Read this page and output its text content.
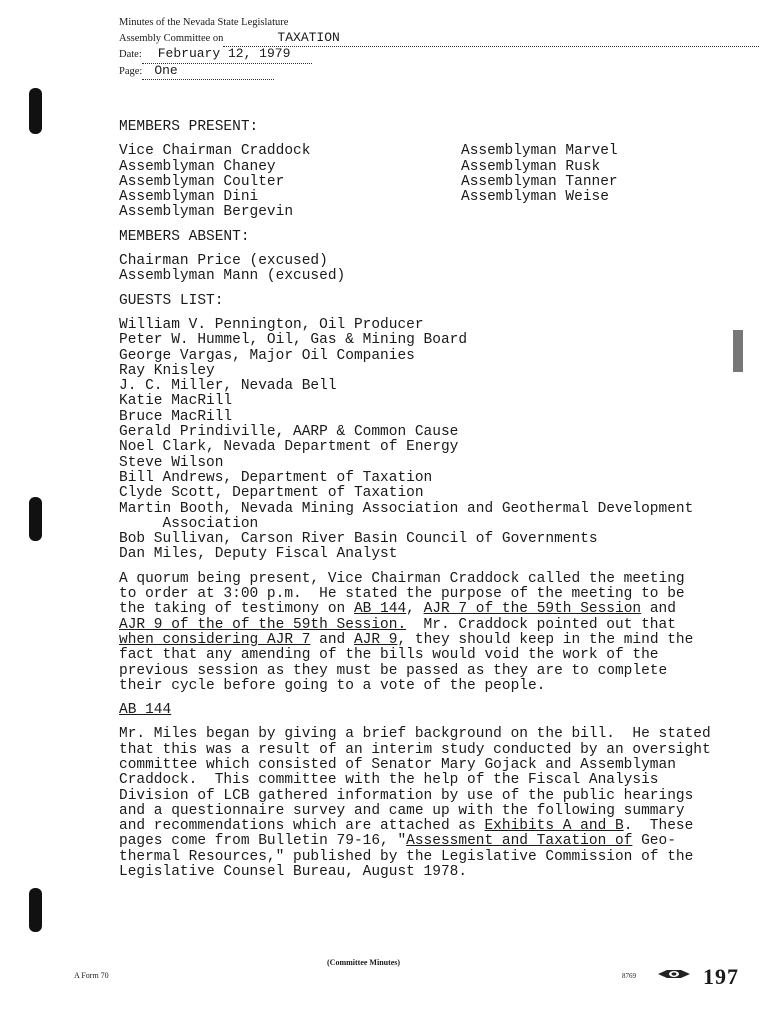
Minutes of the Nevada State Legislature
Assembly Committee on	TAXATION
Date: February 12, 1979
Page: One
MEMBERS PRESENT:
Vice Chairman Craddock
Assemblyman Chaney
Assemblyman Coulter
Assemblyman Dini
Assemblyman Bergevin
Assemblyman Marvel
Assemblyman Rusk
Assemblyman Tanner
Assemblyman Weise
MEMBERS ABSENT:
Chairman Price (excused)
Assemblyman Mann (excused)
GUESTS LIST:
William V. Pennington, Oil Producer
Peter W. Hummel, Oil, Gas & Mining Board
George Vargas, Major Oil Companies
Ray Knisley
J. C. Miller, Nevada Bell
Katie MacRill
Bruce MacRill
Gerald Prindiville, AARP & Common Cause
Noel Clark, Nevada Department of Energy
Steve Wilson
Bill Andrews, Department of Taxation
Clyde Scott, Department of Taxation
Martin Booth, Nevada Mining Association and Geothermal Development
Association
Bob Sullivan, Carson River Basin Council of Governments
Dan Miles, Deputy Fiscal Analyst
A quorum being present, Vice Chairman Craddock called the meeting
to order at 3:00 p.m.  He stated the purpose of the meeting to be
the taking of testimony on AB 144, AJR 7 of the 59th Session and
AJR 9 of the of the 59th Session.  Mr. Craddock pointed out that
when considering AJR 7 and AJR 9, they should keep in the mind the
fact that any amending of the bills would void the work of the
previous session as they must be passed as they are to complete
their cycle before going to a vote of the people.
AB 144
Mr. Miles began by giving a brief background on the bill.  He stated
that this was a result of an interim study conducted by an oversight
committee which consisted of Senator Mary Gojack and Assemblyman
Craddock.  This committee with the help of the Fiscal Analysis
Division of LCB gathered information by use of the public hearings
and a questionnaire survey and came up with the following summary
and recommendations which are attached as Exhibits A and B.  These
pages come from Bulletin 79-16, "Assessment and Taxation of Geo-
thermal Resources," published by the Legislative Commission of the
Legislative Counsel Bureau, August 1978.
(Committee Minutes)
A Form 70	8769	197
